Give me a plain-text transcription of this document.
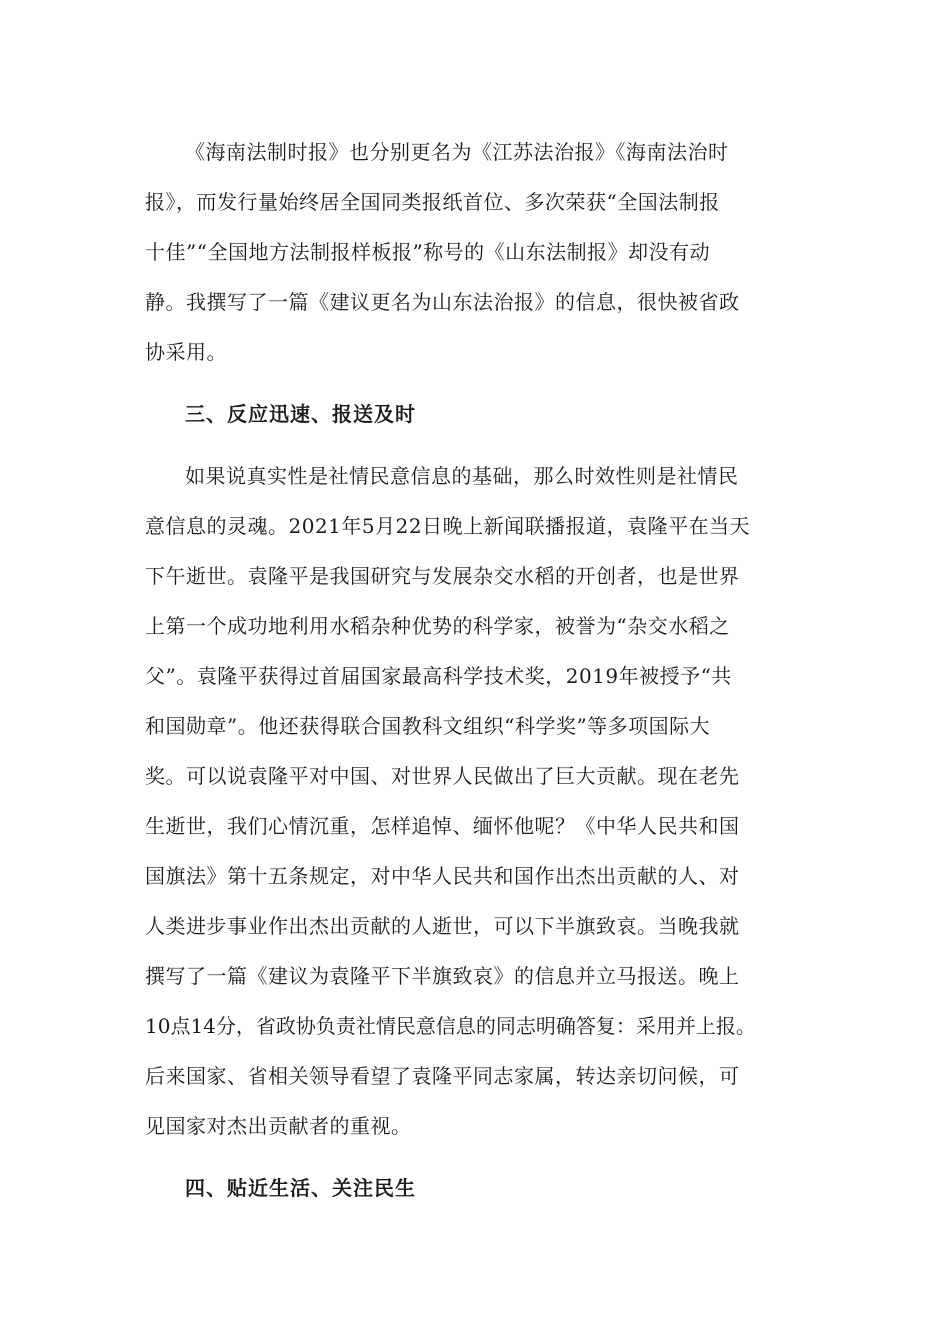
《海南法制时报》也分别更名为《江苏法治报》《海南法治时
报》，而发行量始终居全国同类报纸首位、多次荣获“全国法制报
十佳”“全国地方法制报样板报”称号的《山东法制报》却没有动
静。我撰写了一篇《建议更名为山东法治报》的信息，很快被省政
协采用。
三、反应迅速、报送及时
如果说真实性是社情民意信息的基础，那么时效性则是社情民
意信息的灵魂。2021年5月22日晚上新闻联播报道，袁隆平在当天
下午逝世。袁隆平是我国研究与发展杂交水稻的开创者，也是世界
上第一个成功地利用水稻杂种优势的科学家，被誉为“杂交水稻之
父”。袁隆平获得过首届国家最高科学技术奖，2019年被授予“共
和国勋章”。他还获得联合国教科文组织“科学奖”等多项国际大
奖。可以说袁隆平对中国、对世界人民做出了巨大贡献。现在老先
生逝世，我们心情沉重，怎样追悼、缅怀他呢？《中华人民共和国
国旗法》第十五条规定，对中华人民共和国作出杰出贡献的人、对
人类进步事业作出杰出贡献的人逝世，可以下半旗致哀。当晚我就
撰写了一篇《建议为袁隆平下半旗致哀》的信息并立马报送。晚上
10点14分，省政协负责社情民意信息的同志明确答复：采用并上报。
后来国家、省相关领导看望了袁隆平同志家属，转达亲切问候，可
见国家对杰出贡献者的重视。
四、贴近生活、关注民生
